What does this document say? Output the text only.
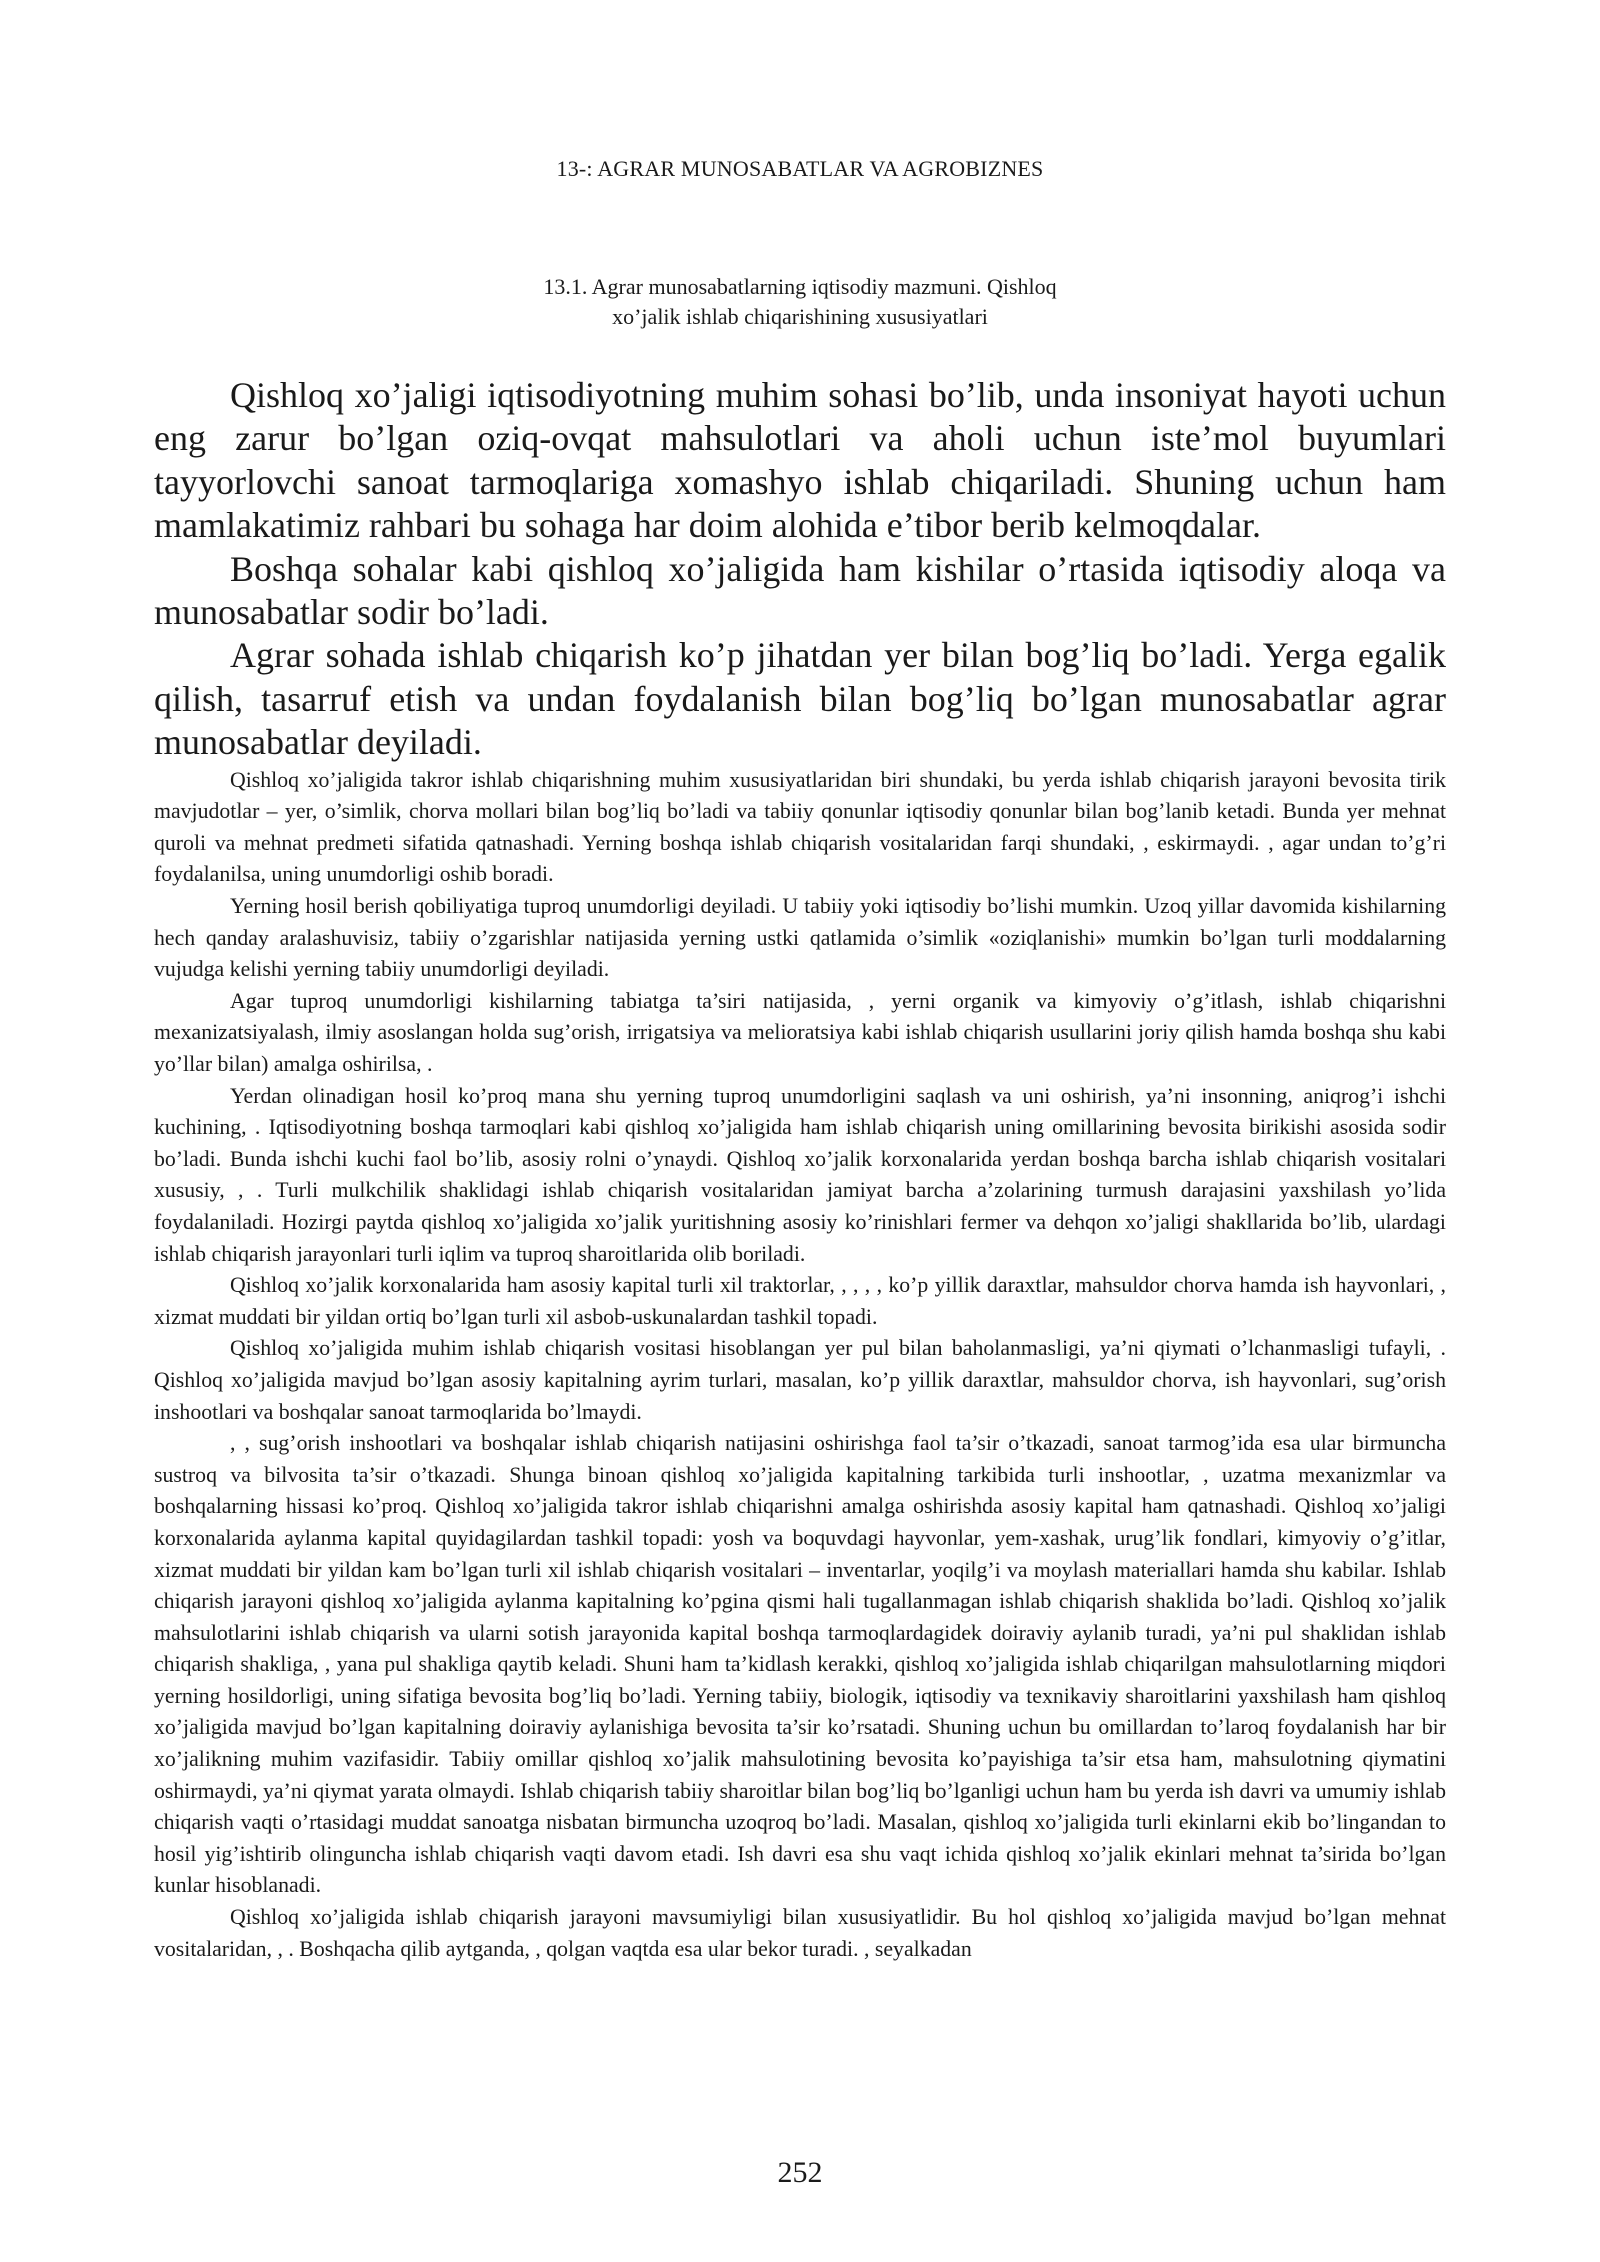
13-: AGRAR MUNOSABATLAR VA AGROBIZNES
13.1. Agrar munosabatlarning iqtisodiy mazmuni. Qishloq
xo’jalik ishlab chiqarishining xususiyatlari

Qishloq xo’jaligi iqtisodiyotning muhim sohasi bo’lib, unda insoniyat hayoti uchun eng zarur bo’lgan oziq-ovqat mahsulotlari va aholi uchun iste’mol buyumlari tayyorlovchi sanoat tarmoqlariga xomashyo ishlab chiqariladi. Shuning uchun ham mamlakatimiz rahbari bu sohaga har doim alohida e’tibor berib kelmoqdalar.

Boshqa sohalar kabi qishloq xo’jaligida ham kishilar o’rtasida iqtisodiy aloqa va munosabatlar sodir bo’ladi.

Agrar sohada ishlab chiqarish ko’p jihatdan yer bilan bog’liq bo’ladi. Yerga egalik qilish, tasarruf etish va undan foydalanish bilan bog’liq bo’lgan munosabatlar agrar munosabatlar deyiladi.

Qishloq xo’jaligida takror ishlab chiqarishning muhim xususiyatlaridan biri shundaki, bu yerda ishlab chiqarish jarayoni bevosita tirik mavjudotlar – yer, o’simlik, chorva mollari bilan bog’liq bo’ladi va tabiiy qonunlar iqtisodiy qonunlar bilan bog’lanib ketadi. Bunda yer mehnat quroli va mehnat predmeti sifatida qatnashadi. Yerning boshqa ishlab chiqarish vositalaridan farqi shundaki, , eskirmaydi. , agar undan to’g’ri foydalanilsa, uning unumdorligi oshib boradi.

Yerning hosil berish qobiliyatiga tuproq unumdorligi deyiladi. U tabiiy yoki iqtisodiy bo’lishi mumkin. Uzoq yillar davomida kishilarning hech qanday aralashuvisiz, tabiiy o’zgarishlar natijasida yerning ustki qatlamida o’simlik «oziqlanishi» mumkin bo’lgan turli moddalarning vujudga kelishi yerning tabiiy unumdorligi deyiladi.

Agar tuproq unumdorligi kishilarning tabiatga ta’siri natijasida, , yerni organik va kimyoviy o’g’itlash, ishlab chiqarishni mexanizatsiyalash, ilmiy asoslangan holda sug’orish, irrigatsiya va melioratsiya kabi ishlab chiqarish usullarini joriy qilish hamda boshqa shu kabi yo’llar bilan) amalga oshirilsa, .

Yerdan olinadigan hosil ko’proq mana shu yerning tuproq unumdorligini saqlash va uni oshirish, ya’ni insonning, aniqrog’i ishchi kuchining, . Iqtisodiyotning boshqa tarmoqlari kabi qishloq xo’jaligida ham ishlab chiqarish uning omillarining bevosita birikishi asosida sodir bo’ladi. Bunda ishchi kuchi faol bo’lib, asosiy rolni o’ynaydi. Qishloq xo’jalik korxonalarida yerdan boshqa barcha ishlab chiqarish vositalari xususiy, , . Turli mulkchilik shaklidagi ishlab chiqarish vositalaridan jamiyat barcha a’zolarining turmush darajasini yaxshilash yo’lida foydalaniladi. Hozirgi paytda qishloq xo’jaligida xo’jalik yuritishning asosiy ko’rinishlari fermer va dehqon xo’jaligi shakllarida bo’lib, ulardagi ishlab chiqarish jarayonlari turli iqlim va tuproq sharoitlarida olib boriladi.

Qishloq xo’jalik korxonalarida ham asosiy kapital turli xil traktorlar, , , , , ko’p yillik daraxtlar, mahsuldor chorva hamda ish hayvonlari, , xizmat muddati bir yildan ortiq bo’lgan turli xil asbob-uskunalardan tashkil topadi.

Qishloq xo’jaligida muhim ishlab chiqarish vositasi hisoblangan yer pul bilan baholanmasligi, ya’ni qiymati o’lchanmasligi tufayli, . Qishloq xo’jaligida mavjud bo’lgan asosiy kapitalning ayrim turlari, masalan, ko’p yillik daraxtlar, mahsuldor chorva, ish hayvonlari, sug’orish inshootlari va boshqalar sanoat tarmoqlarida bo’lmaydi.

, , sug’orish inshootlari va boshqalar ishlab chiqarish natijasini oshirishga faol ta’sir o’tkazadi, sanoat tarmog’ida esa ular birmuncha sustroq va bilvosita ta’sir o’tkazadi. Shunga binoan qishloq xo’jaligida kapitalning tarkibida turli inshootlar, , uzatma mexanizmlar va boshqalarning hissasi ko’proq. Qishloq xo’jaligida takror ishlab chiqarishni amalga oshirishda asosiy kapital ham qatnashadi. Qishloq xo’jaligi korxonalarida aylanma kapital quyidagilardan tashkil topadi: yosh va boquvdagi hayvonlar, yem-xashak, urug’lik fondlari, kimyoviy o’g’itlar, xizmat muddati bir yildan kam bo’lgan turli xil ishlab chiqarish vositalari – inventarlar, yoqilg’i va moylash materiallari hamda shu kabilar. Ishlab chiqarish jarayoni qishloq xo’jaligida aylanma kapitalning ko’pgina qismi hali tugallanmagan ishlab chiqarish shaklida bo’ladi. Qishloq xo’jalik mahsulotlarini ishlab chiqarish va ularni sotish jarayonida kapital boshqa tarmoqlardagidek doiraviy aylanib turadi, ya’ni pul shaklidan ishlab chiqarish shakliga, , yana pul shakliga qaytib keladi. Shuni ham ta’kidlash kerakki, qishloq xo’jaligida ishlab chiqarilgan mahsulotlarning miqdori yerning hosildorligi, uning sifatiga bevosita bog’liq bo’ladi. Yerning tabiiy, biologik, iqtisodiy va texnikaviy sharoitlarini yaxshilash ham qishloq xo’jaligida mavjud bo’lgan kapitalning doiraviy aylanishiga bevosita ta’sir ko’rsatadi. Shuning uchun bu omillardan to’laroq foydalanish har bir xo’jalikning muhim vazifasidir. Tabiiy omillar qishloq xo’jalik mahsulotining bevosita ko’payishiga ta’sir etsa ham, mahsulotning qiymatini oshirmaydi, ya’ni qiymat yarata olmaydi. Ishlab chiqarish tabiiy sharoitlar bilan bog’liq bo’lganligi uchun ham bu yerda ish davri va umumiy ishlab chiqarish vaqti o’rtasidagi muddat sanoatga nisbatan birmuncha uzoqroq bo’ladi. Masalan, qishloq xo’jaligida turli ekinlarni ekib bo’lingandan to hosil yig’ishtirib olinguncha ishlab chiqarish vaqti davom etadi. Ish davri esa shu vaqt ichida qishloq xo’jalik ekinlari mehnat ta’sirida bo’lgan kunlar hisoblanadi.

Qishloq xo’jaligida ishlab chiqarish jarayoni mavsumiyligi bilan xususiyatlidir. Bu hol qishloq xo’jaligida mavjud bo’lgan mehnat vositalaridan, , . Boshqacha qilib aytganda, , qolgan vaqtda esa ular bekor turadi. , seyalkadan

252
